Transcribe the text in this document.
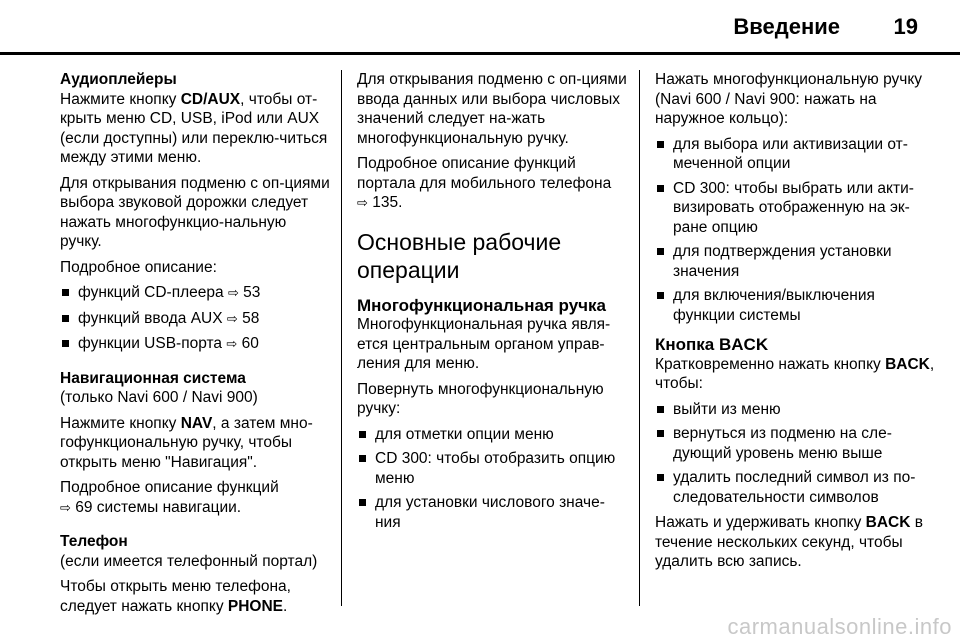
Введение 19
Аудиоплейеры

Нажмите кнопку CD/AUX, чтобы от-крыть меню CD, USB, iPod или AUX (если доступны) или переклю-читься между этими меню.

Для открывания подменю с оп-циями выбора звуковой дорожки следует нажать многофункцио-нальную ручку.

Подробное описание:

функций CD-плеера ⇨ 53
функций ввода AUX ⇨ 58
функции USB-порта ⇨ 60
Навигационная система

(только Navi 600 / Navi 900)

Нажмите кнопку NAV, а затем мно-гофункциональную ручку, чтобы открыть меню "Навигация".

Подробное описание функций
⇨ 69 системы навигации.

Телефон

(если имеется телефонный портал)

Чтобы открыть меню телефона, следует нажать кнопку PHONE.

Для открывания подменю с оп-циями ввода данных или выбора числовых значений следует на-жать многофункциональную ручку.

Подробное описание функций портала для мобильного телефона
⇨ 135.

Основные рабочие операции
Многофункциональная ручка

Многофункциональная ручка явля-ется центральным органом управ-ления для меню.

Повернуть многофункциональную ручку:

для отметки опции меню
CD 300: чтобы отобразить опцию меню
для установки числового значе-ния

Нажать многофункциональную ручку (Navi 600 / Navi 900: нажать на наружное кольцо):

для выбора или активизации от-меченной опции
CD 300: чтобы выбрать или акти-визировать отображенную на эк-ране опцию
для подтверждения установки значения
для включения/выключения функции системы
Кнопка BACK

Кратковременно нажать кнопку BACK, чтобы:

выйти из меню
вернуться из подменю на сле-дующий уровень меню выше
удалить последний символ из по-следовательности символов

Нажать и удерживать кнопку BACK в течение нескольких секунд, чтобы удалить всю запись.

carmanualsonline.info
